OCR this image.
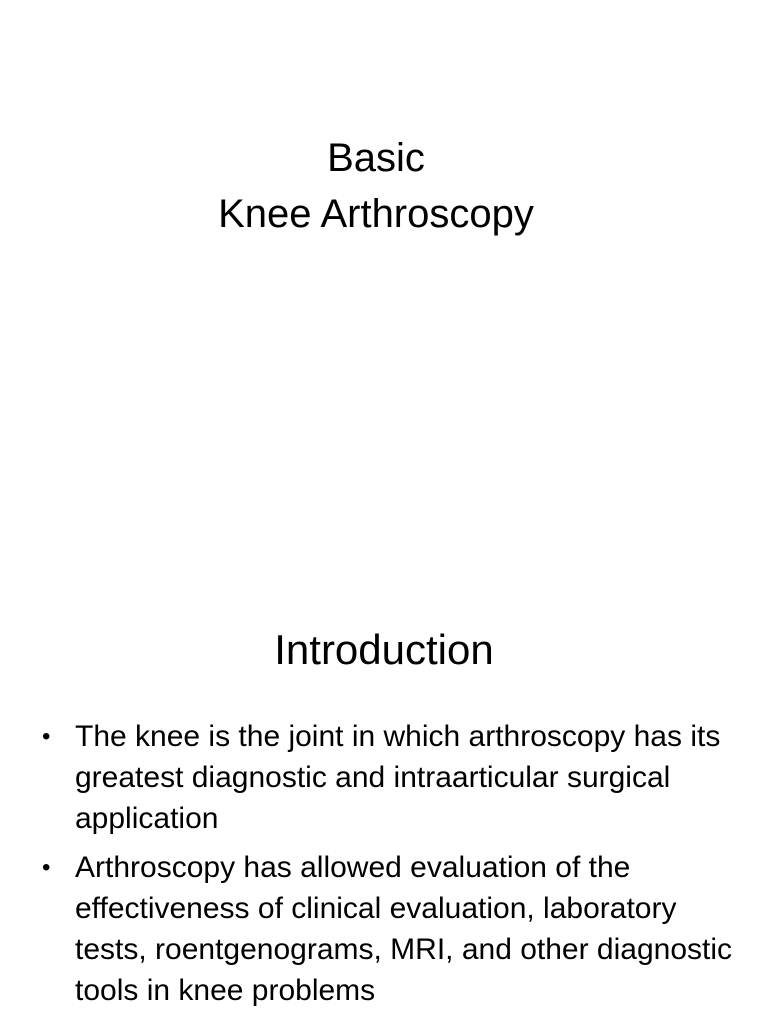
Basic
Knee Arthroscopy
Introduction
• The knee is the joint in which arthroscopy has its greatest diagnostic and intraarticular surgical application
• Arthroscopy has allowed evaluation of the effectiveness of clinical evaluation, laboratory tests, roentgenograms, MRI, and other diagnostic tools in knee problems
